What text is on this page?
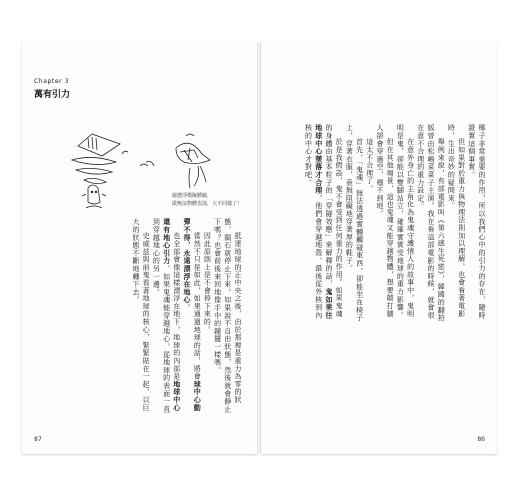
Chapter 3
萬有引力
磁懸浮模擬體驗，
做無法物體表演，大不同樣了！

抵達地球的正中央之後，由於那裡是重力為零的狀態，隕石就停止下來。如果說不自由狀態，然後就會靜止下嗎？也會前後來回地像手中的鐘擺一樣嗎。

因此原則上是不會停下來的。

當然不只是如此，如果通過地球的話，將會球中心動彈不得，永遠漂浮在地心。

也全部會像這樣漂浮在地下，地球的內部是地球中心還有地心引力，如果鬼魂能穿越地心，從地球的表面一直到穿越地心的另一邊。

史威兹與前鬼看著地球的核心，緊緊貼在一起，以巨大的狀態不斷地轉下去。

87

椰子非常重要的作用，所以我們心中的引力的存在，隨時證實這個事實。

但如果對於重力與物理法則加以理解，也會看著電影時，生出奇妙的疑問來。

舉例來說，有部電影叫《第六感生死戀》，韓國的翻拍版曾由松嶋菜菜子主演。我在看這部電影的時候，就會很在意不合理的重力設定。

在意外身亡的主角化為鬼魂守護情人的故事中，鬼明明是鬼，卻能以雙腳站立，確確實實受地球的重力影響。

但在其他場景，這也鬼魂又能穿越物體，想要敲打牆人卻會穿過空，穩不到地。

這太不合理了。

首先，「鬼魂」無法透過實體觸碰東西，卻能坐在椅子上，穿著衣服，竟無阻礙地穿著厚的鞋子。

於是我假設，鬼不會受到任何重力的作用。如果鬼魂的身體由基本粒子的「穿隧效應」來解釋的話，鬼如果往地球中心墜落才合理，他們會穿越地殼，最後從外核到內核的中心才對吧。

86
